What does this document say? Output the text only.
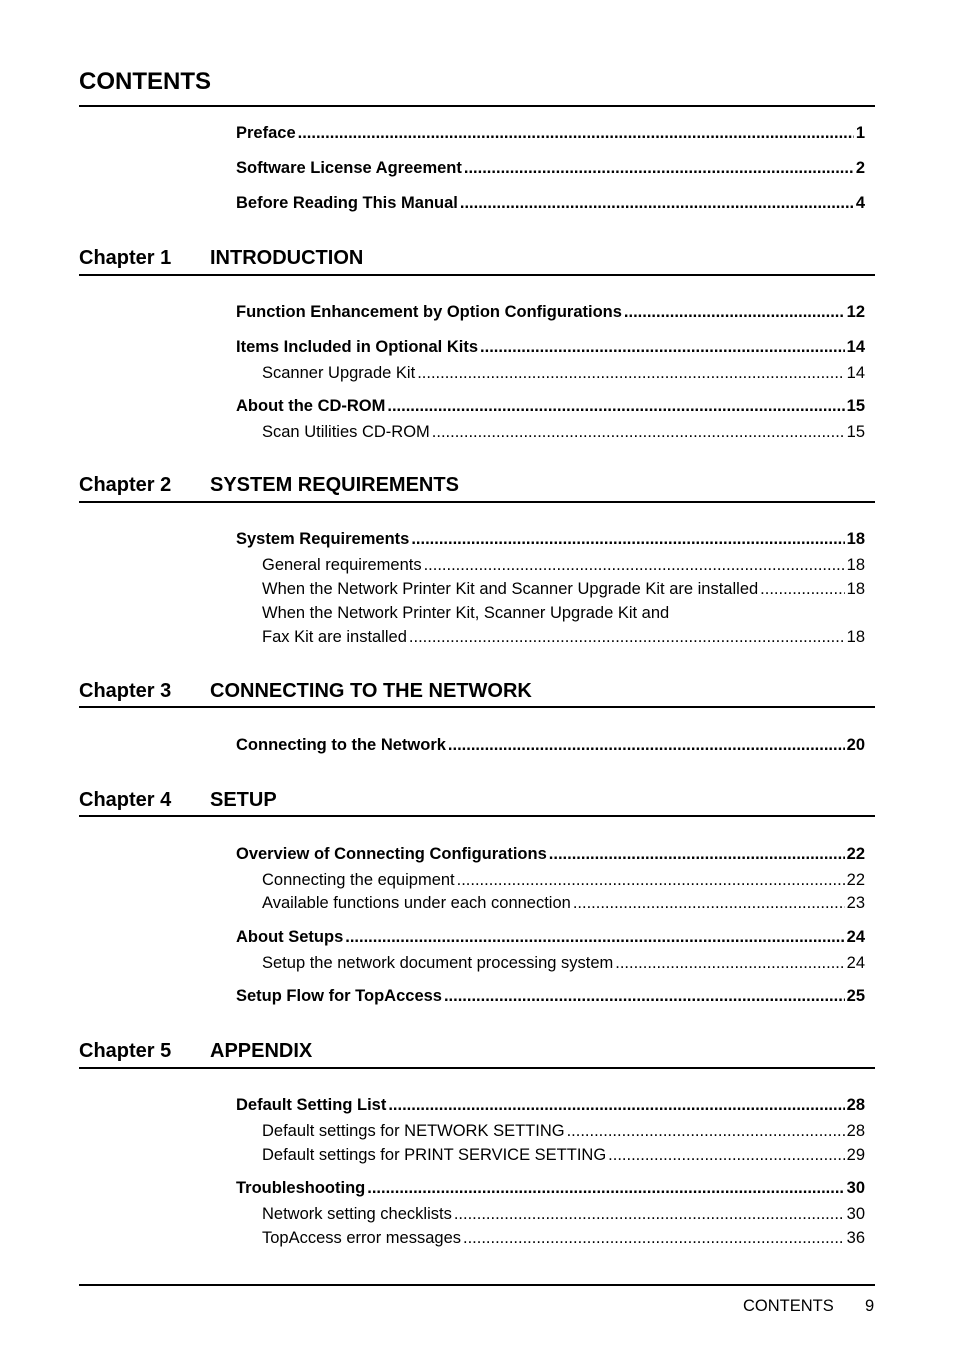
CONTENTS
Preface .....	1
Software License Agreement .....	2
Before Reading This Manual .....	4
Chapter 1 INTRODUCTION
Function Enhancement by Option Configurations .....	12
Items Included in Optional Kits .....	14
Scanner Upgrade Kit .....	14
About the CD-ROM .....	15
Scan Utilities CD-ROM .....	15
Chapter 2 SYSTEM REQUIREMENTS
System Requirements .....	18
General requirements .....	18
When the Network Printer Kit and Scanner Upgrade Kit are installed .....	18
When the Network Printer Kit, Scanner Upgrade Kit and
Fax Kit are installed .....	18
Chapter 3 CONNECTING TO THE NETWORK
Connecting to the Network .....	20
Chapter 4 SETUP
Overview of Connecting Configurations .....	22
Connecting the equipment .....	22
Available functions under each connection .....	23
About Setups .....	24
Setup the network document processing system .....	24
Setup Flow for TopAccess .....	25
Chapter 5 APPENDIX
Default Setting List .....	28
Default settings for NETWORK SETTING .....	28
Default settings for PRINT SERVICE SETTING .....	29
Troubleshooting .....	30
Network setting checklists .....	30
TopAccess error messages .....	36
CONTENTS 9
